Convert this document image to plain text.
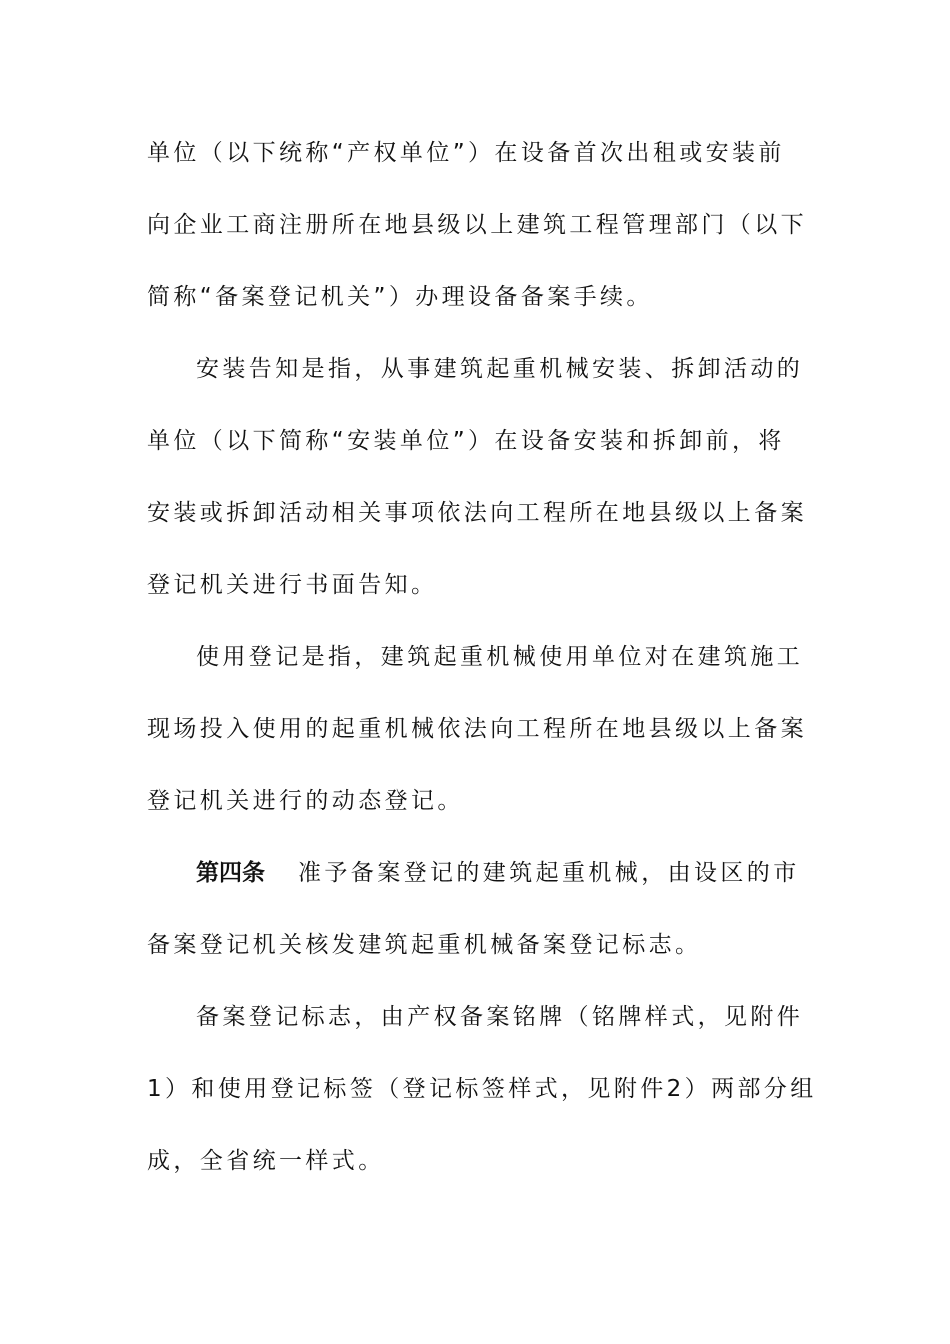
单位（以下统称“产权单位”）在设备首次出租或安装前
向企业工商注册所在地县级以上建筑工程管理部门（以下
简称“备案登记机关”）办理设备备案手续。
安装告知是指，从事建筑起重机械安装、拆卸活动的
单位（以下简称“安装单位”）在设备安装和拆卸前，将
安装或拆卸活动相关事项依法向工程所在地县级以上备案
登记机关进行书面告知。
使用登记是指，建筑起重机械使用单位对在建筑施工
现场投入使用的起重机械依法向工程所在地县级以上备案
登记机关进行的动态登记。
第四条 准予备案登记的建筑起重机械，由设区的市
备案登记机关核发建筑起重机械备案登记标志。
备案登记标志，由产权备案铭牌（铭牌样式，见附件
1）和使用登记标签（登记标签样式，见附件2）两部分组
成，全省统一样式。
